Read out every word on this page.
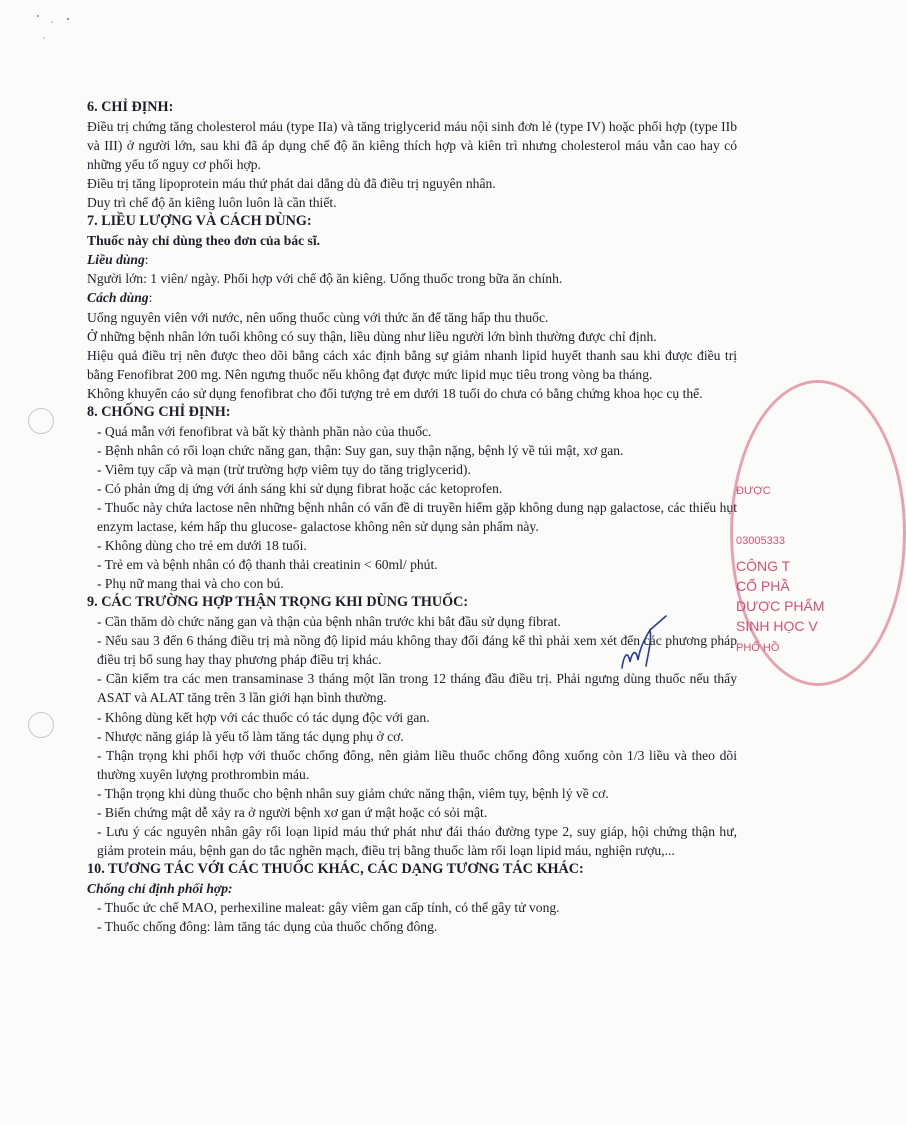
6. CHỈ ĐỊNH:

Điều trị chứng tăng cholesterol máu (type IIa) và tăng triglycerid máu nội sinh đơn lẻ (type IV) hoặc phối hợp (type IIb và III) ở người lớn, sau khi đã áp dụng chế độ ăn kiêng thích hợp và kiên trì nhưng cholesterol máu vẫn cao hay có những yếu tố nguy cơ phối hợp.

Điều trị tăng lipoprotein máu thứ phát dai dẳng dù đã điều trị nguyên nhân.

Duy trì chế độ ăn kiêng luôn luôn là cần thiết.

7. LIỀU LƯỢNG VÀ CÁCH DÙNG:

Thuốc này chỉ dùng theo đơn của bác sĩ.

Liều dùng:

Người lớn: 1 viên/ ngày. Phối hợp với chế độ ăn kiêng. Uống thuốc trong bữa ăn chính.

Cách dùng:

Uống nguyên viên với nước, nên uống thuốc cùng với thức ăn để tăng hấp thu thuốc.

Ở những bệnh nhân lớn tuổi không có suy thận, liều dùng như liều người lớn bình thường được chỉ định.

Hiệu quả điều trị nên được theo dõi bằng cách xác định bằng sự giảm nhanh lipid huyết thanh sau khi được điều trị bằng Fenofibrat 200 mg. Nên ngưng thuốc nếu không đạt được mức lipid mục tiêu trong vòng ba tháng.

Không khuyến cáo sử dụng fenofibrat cho đối tượng trẻ em dưới 18 tuổi do chưa có bằng chứng khoa học cụ thể.

8. CHỐNG CHỈ ĐỊNH:

- Quá mẫn với fenofibrat và bất kỳ thành phần nào của thuốc.

- Bệnh nhân có rối loạn chức năng gan, thận: Suy gan, suy thận nặng, bệnh lý về túi mật, xơ gan.

- Viêm tụy cấp và mạn (trừ trường hợp viêm tụy do tăng triglycerid).

- Có phản ứng dị ứng với ánh sáng khi sử dụng fibrat hoặc các ketoprofen.

- Thuốc này chứa lactose nên những bệnh nhân có vấn đề di truyền hiếm gặp không dung nạp galactose, các thiếu hụt enzym lactase, kém hấp thu glucose- galactose không nên sử dụng sản phẩm này.

- Không dùng cho trẻ em dưới 18 tuổi.

- Trẻ em và bệnh nhân có độ thanh thải creatinin < 60ml/ phút.

- Phụ nữ mang thai và cho con bú.

9. CÁC TRƯỜNG HỢP THẬN TRỌNG KHI DÙNG THUỐC:

- Cần thăm dò chức năng gan và thận của bệnh nhân trước khi bắt đầu sử dụng fibrat.

- Nếu sau 3 đến 6 tháng điều trị mà nồng độ lipid máu không thay đổi đáng kể thì phải xem xét đến các phương pháp điều trị bổ sung hay thay phương pháp điều trị khác.

- Cần kiểm tra các men transaminase 3 tháng một lần trong 12 tháng đầu điều trị. Phải ngưng dùng thuốc nếu thấy ASAT và ALAT tăng trên 3 lần giới hạn bình thường.

- Không dùng kết hợp với các thuốc có tác dụng độc với gan.

- Nhược năng giáp là yếu tố làm tăng tác dụng phụ ở cơ.

- Thận trọng khi phối hợp với thuốc chống đông, nên giảm liều thuốc chống đông xuống còn 1/3 liều và theo dõi thường xuyên lượng prothrombin máu.

- Thận trọng khi dùng thuốc cho bệnh nhân suy giảm chức năng thận, viêm tụy, bệnh lý về cơ.

- Biến chứng mật dễ xảy ra ở người bệnh xơ gan ứ mật hoặc có sỏi mật.

- Lưu ý các nguyên nhân gây rối loạn lipid máu thứ phát như đái tháo đường type 2, suy giáp, hội chứng thận hư, giảm protein máu, bệnh gan do tắc nghẽn mạch, điều trị bằng thuốc làm rối loạn lipid máu, nghiện rượu,...

10. TƯƠNG TÁC VỚI CÁC THUỐC KHÁC, CÁC DẠNG TƯƠNG TÁC KHÁC:

Chống chỉ định phối hợp:

- Thuốc ức chế MAO, perhexiline maleat: gây viêm gan cấp tính, có thể gây tử vong.

- Thuốc chống đông: làm tăng tác dụng của thuốc chống đông.

ĐƯỢC
03005333
CÔNG T
CỔ PHẦ
DƯỢC PHẨM
SINH HỌC V
PHỐ HỒ
